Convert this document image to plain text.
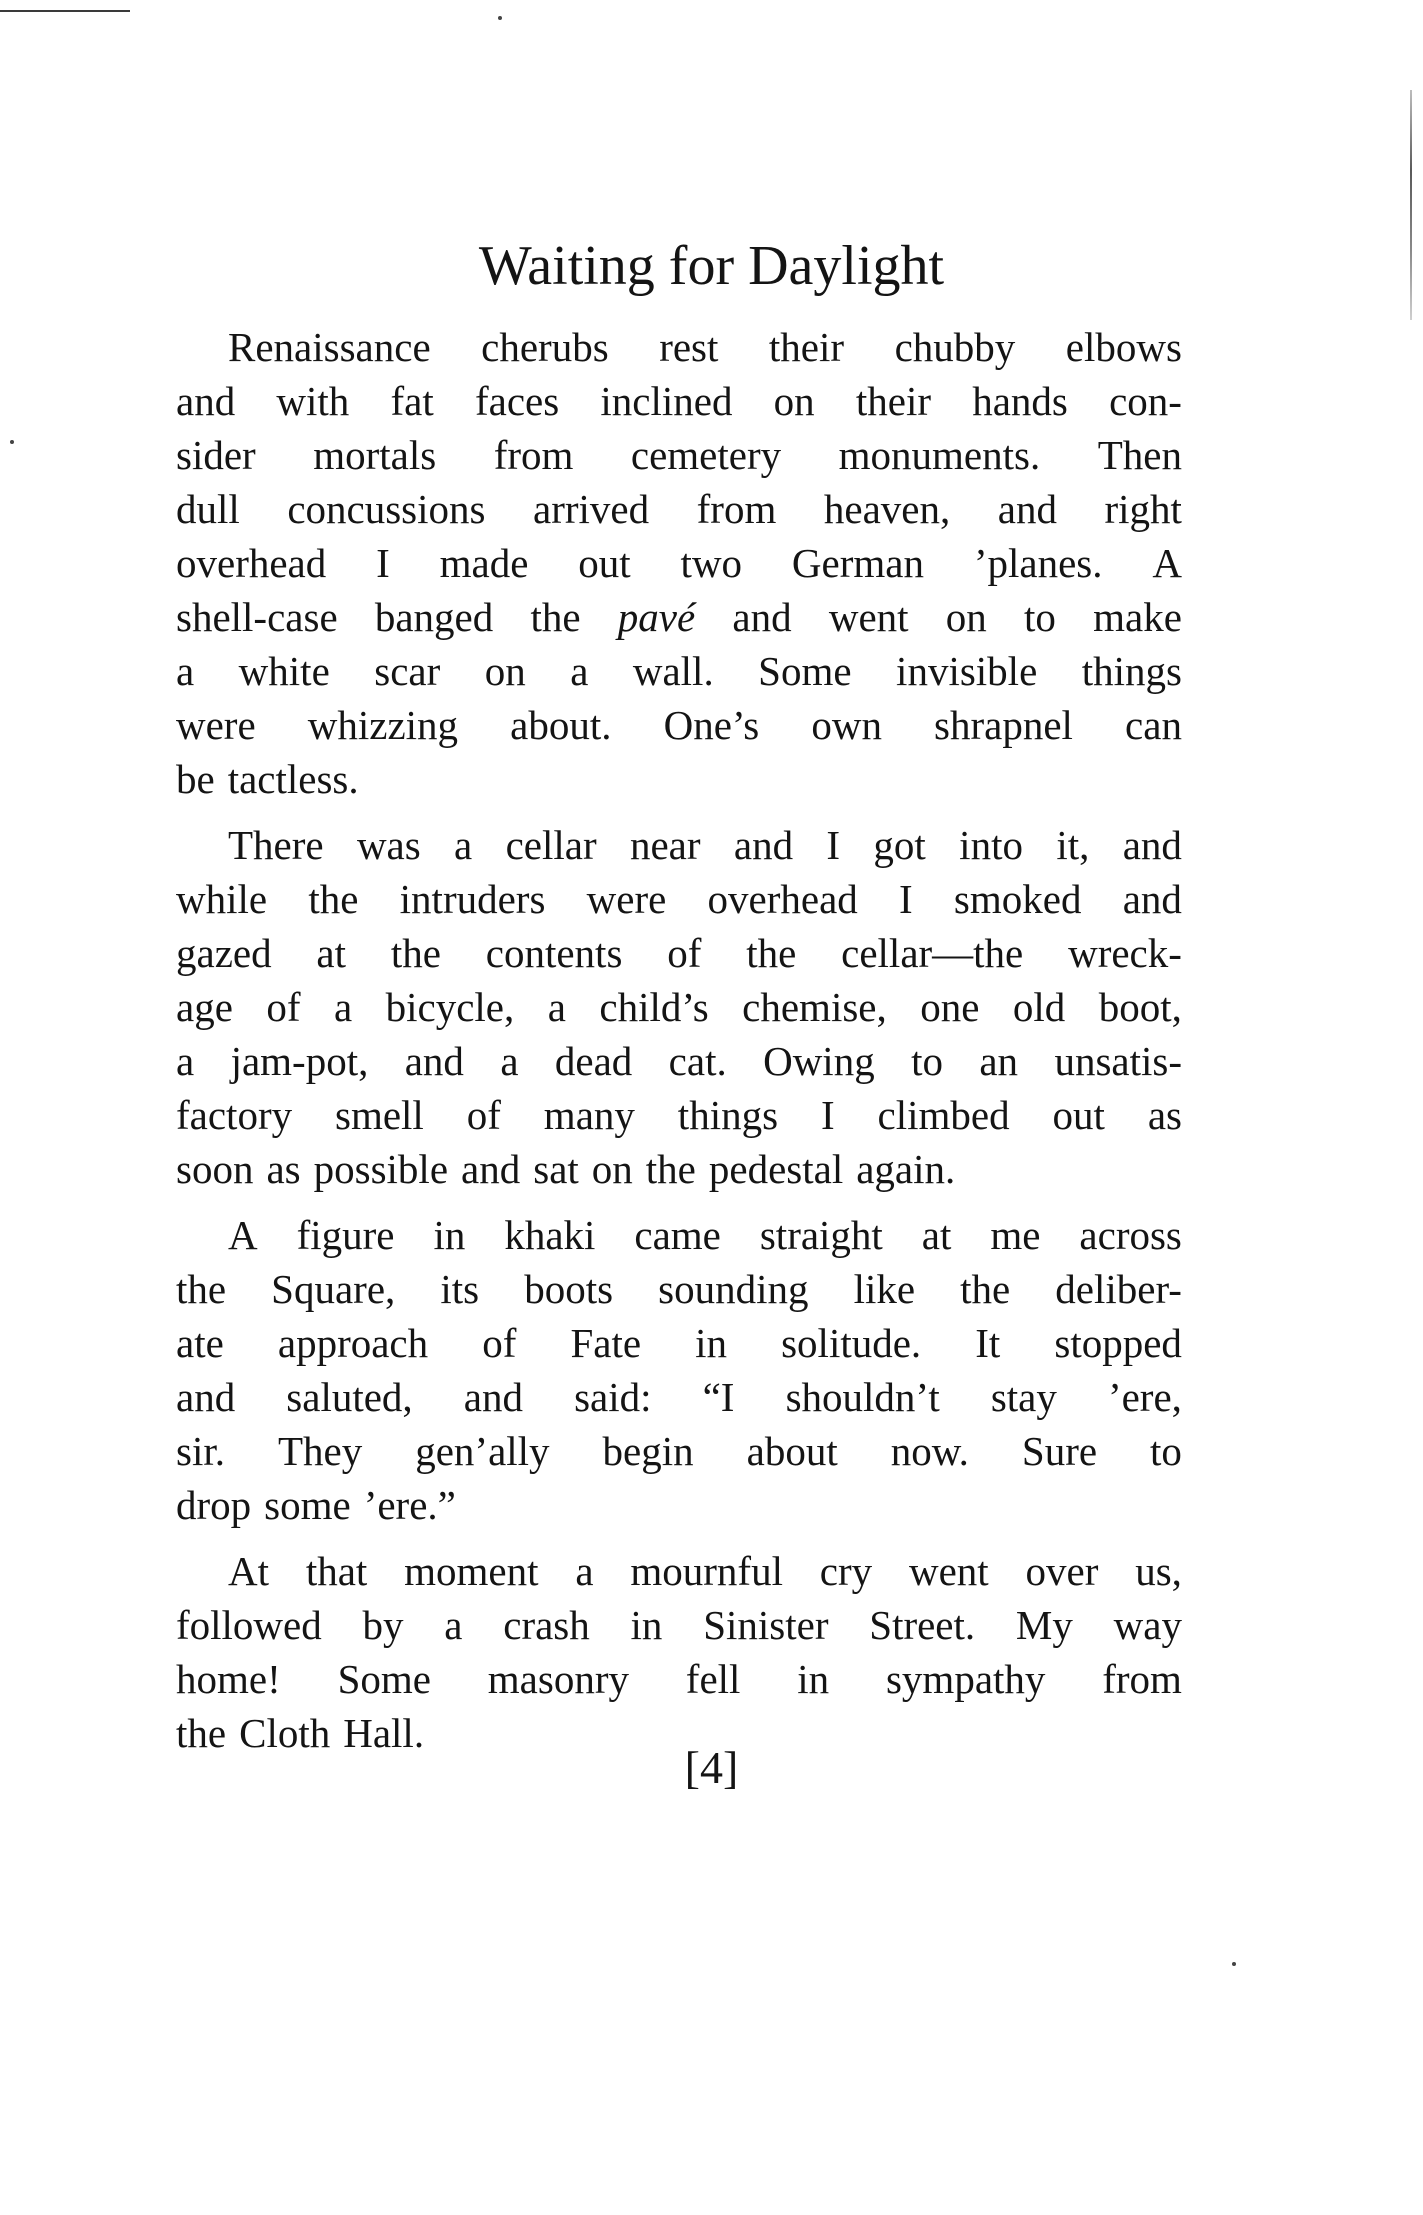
Waiting for Daylight
Renaissance cherubs rest their chubby elbows
and with fat faces inclined on their hands con-
sider mortals from cemetery monuments. Then
dull concussions arrived from heaven, and right
overhead I made out two German ’planes. A
shell-case banged the pavé and went on to make
a white scar on a wall. Some invisible things
were whizzing about. One’s own shrapnel can
be tactless.
There was a cellar near and I got into it, and
while the intruders were overhead I smoked and
gazed at the contents of the cellar—the wreck-
age of a bicycle, a child’s chemise, one old boot,
a jam-pot, and a dead cat. Owing to an unsatis-
factory smell of many things I climbed out as
soon as possible and sat on the pedestal again.
A figure in khaki came straight at me across
the Square, its boots sounding like the deliber-
ate approach of Fate in solitude. It stopped
and saluted, and said: “I shouldn’t stay ’ere,
sir. They gen’ally begin about now. Sure to
drop some ’ere.”
At that moment a mournful cry went over us,
followed by a crash in Sinister Street. My way
home! Some masonry fell in sympathy from
the Cloth Hall.
[4]
